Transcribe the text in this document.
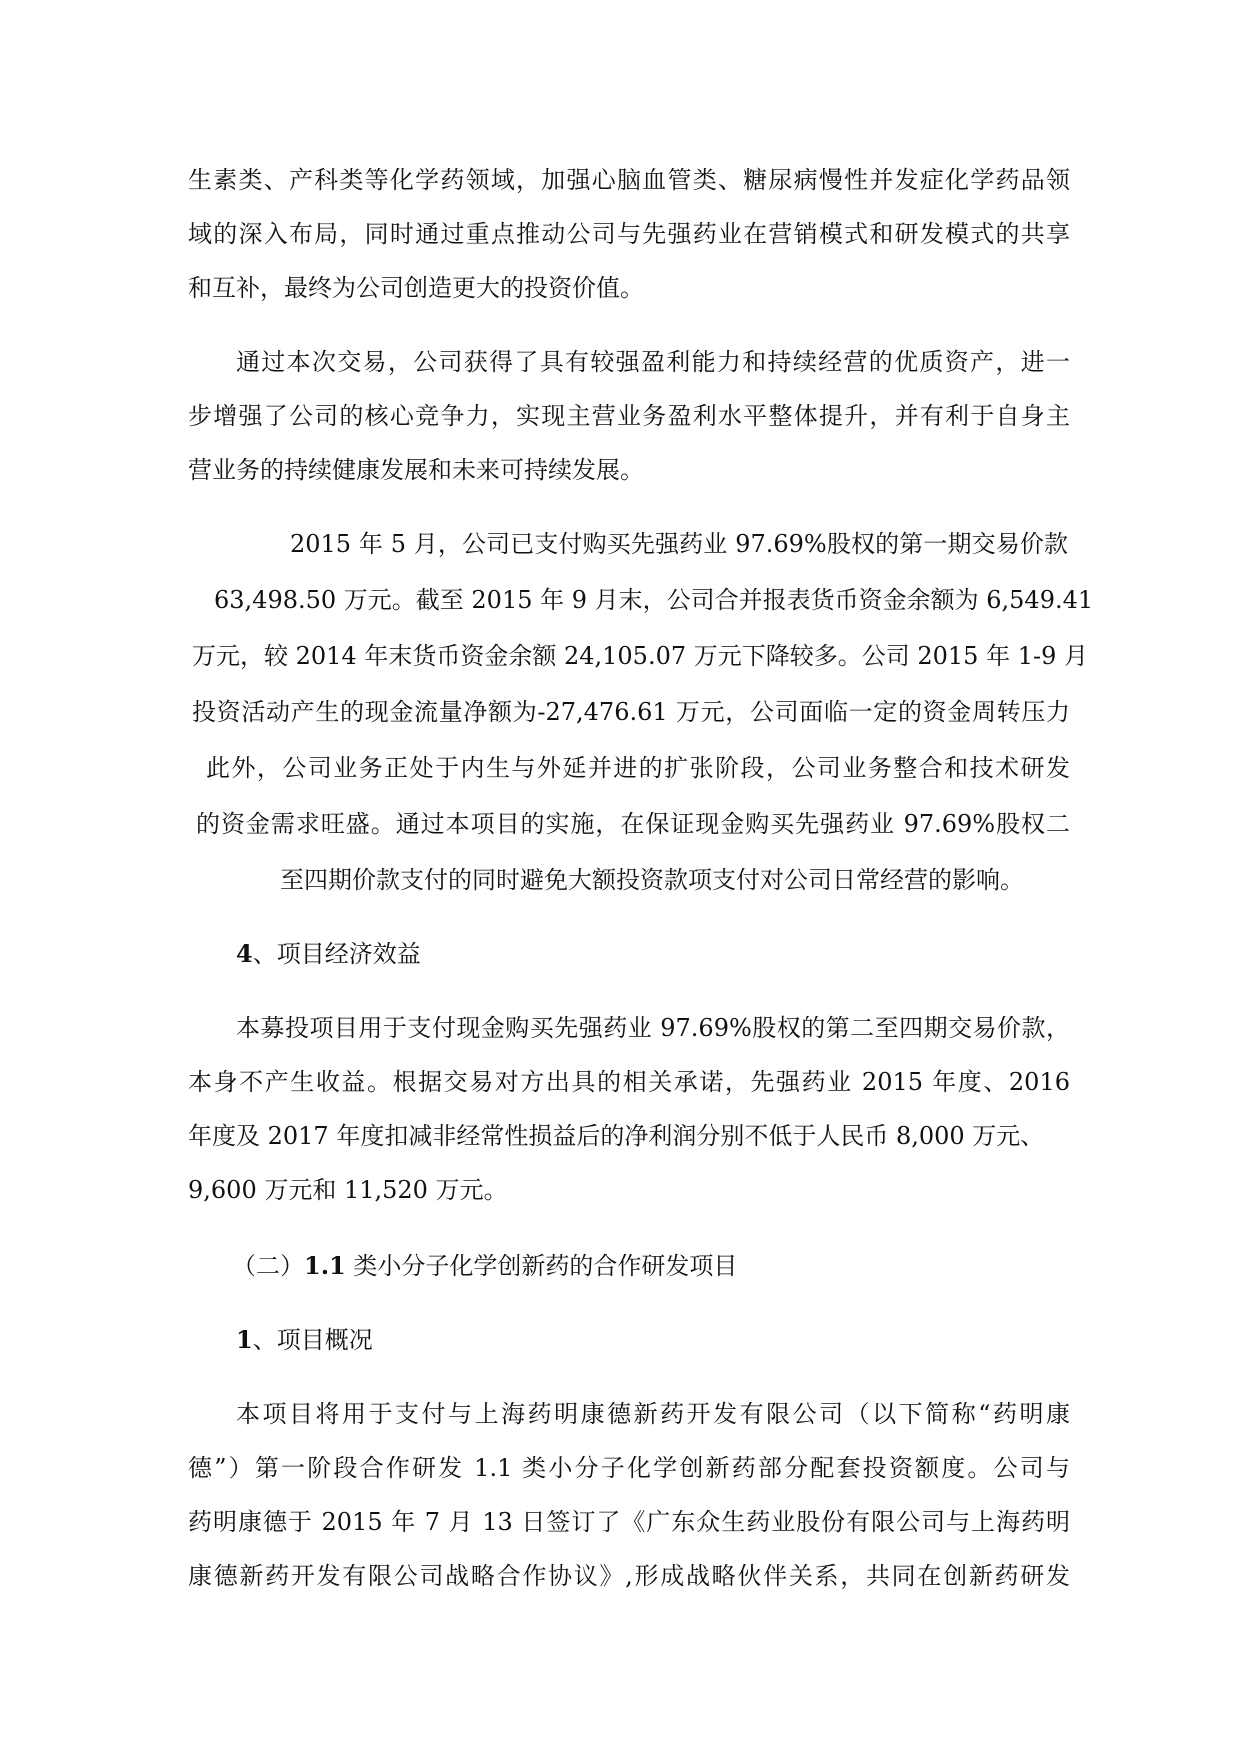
生素类、产科类等化学药领域，加强心脑血管类、糖尿病慢性并发症化学药品领
域的深入布局，同时通过重点推动公司与先强药业在营销模式和研发模式的共享
和互补，最终为公司创造更大的投资价值。
通过本次交易，公司获得了具有较强盈利能力和持续经营的优质资产，进一
步增强了公司的核心竞争力，实现主营业务盈利水平整体提升，并有利于自身主
营业务的持续健康发展和未来可持续发展。
2015 年 5 月，公司已支付购买先强药业 97.69%股权的第一期交易价款
63,498.50 万元。截至 2015 年 9 月末，公司合并报表货币资金余额为 6,549.41
万元，较 2014 年末货币资金余额 24,105.07 万元下降较多。公司 2015 年 1-9 月
投资活动产生的现金流量净额为-27,476.61 万元，公司面临一定的资金周转压力
此外，公司业务正处于内生与外延并进的扩张阶段，公司业务整合和技术研发
的资金需求旺盛。通过本项目的实施，在保证现金购买先强药业 97.69%股权二
至四期价款支付的同时避免大额投资款项支付对公司日常经营的影响。
4、项目经济效益
本募投项目用于支付现金购买先强药业 97.69%股权的第二至四期交易价款，
本身不产生收益。根据交易对方出具的相关承诺，先强药业 2015 年度、2016
年度及 2017 年度扣减非经常性损益后的净利润分别不低于人民币 8,000 万元、
9,600 万元和 11,520 万元。
（二）1.1 类小分子化学创新药的合作研发项目
1、项目概况
本项目将用于支付与上海药明康德新药开发有限公司（以下简称“药明康
德”）第一阶段合作研发 1.1 类小分子化学创新药部分配套投资额度。公司与
药明康德于 2015 年 7 月 13 日签订了《广东众生药业股份有限公司与上海药明
康德新药开发有限公司战略合作协议》,形成战略伙伴关系，共同在创新药研发
